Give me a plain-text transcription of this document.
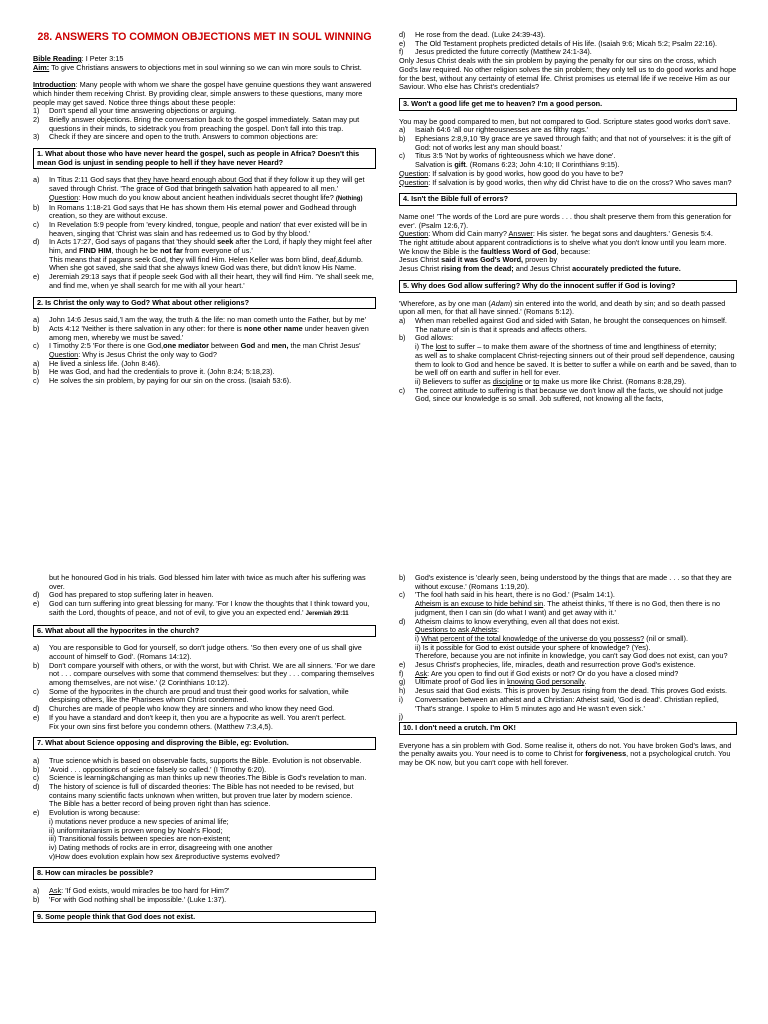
28. ANSWERS TO COMMON OBJECTIONS MET IN SOUL WINNING

Bible Reading: I Peter 3:15

Aim: To give Christians answers to objections met in soul winning so we can win more souls to Christ.

Introduction: Many people with whom we share the gospel have genuine questions they want answered which hinder them receiving Christ. By providing clear, simple answers to these questions, many more people may get saved. Notice three things about these people:

1)	Don't spend all your time answering objections or arguing.
2)	Briefly answer objections. Bring the conversation back to the gospel immediately. Satan may put questions in their minds, to sidetrack you from preaching the gospel. Don't fall into this trap.
3)	Check if they are sincere and open to the truth. Answers to common objections are:
1. What about those who have never heard the gospel, such as people in Africa? Doesn't this mean God is unjust in sending people to hell if they have never Heard?
a)	In Titus 2:11 God says that they have heard enough about God that if they follow it up they will get saved through Christ. 'The grace of God that bringeth salvation hath appeared to all men.'
Question: How much do you know about ancient heathen individuals secret thought life? (Nothing)
b)	In Romans 1:18-21 God says that He has shown them His eternal power and Godhead through creation, so they are without excuse.
c)	In Revelation 5:9 people from 'every kindred, tongue, people and nation' that ever existed will be in heaven, singing that 'Christ was slain and has redeemed us to God by thy blood.'
d)	In Acts 17:27, God says of pagans that 'they should seek after the Lord, if haply they might feel after him, and FIND HIM, though he be not far from everyone of us.'
This means that if pagans seek God, they will find Him. Helen Keller was born blind, deaf,&dumb. When she got saved, she said that she always knew God was there, but didn't know His Name.
e)	Jeremiah 29:13 says that if people seek God with all their heart, they will find Him. 'Ye shall seek me, and find me, when ye shall search for me with all your heart.'
2. Is Christ the only way to God? What about other religions?
a)	John 14:6 Jesus said,'I am the way, the truth & the life: no man cometh unto the Father, but by me'
b)	Acts 4:12 'Neither is there salvation in any other: for there is none other name under heaven given among men, whereby we must be saved.'
c)	I Timothy 2:5 'For there is one God,one mediator between God and men, the man Christ Jesus'

Question: Why is Jesus Christ the only way to God?

a)	He lived a sinless life. (John 8:46).
b)	He was God, and had the credentials to prove it. (John 8:24; 5:18,23).
c)	He solves the sin problem, by paying for our sin on the cross. (Isaiah 53:6).
d)	He rose from the dead. (Luke 24:39-43).
e)	The Old Testament prophets predicted details of His life. (Isaiah 9:6; Micah 5:2; Psalm 22:16).
f)	Jesus predicted the future correctly (Matthew 24:1-34).

Only Jesus Christ deals with the sin problem by paying the penalty for our sins on the cross, which God's law required. No other religion solves the sin problem; they only tell us to do good works and hope for the best, without any certainty of eternal life. Christ promises us eternal life if we receive Him as our Saviour. Who else has Christ's credentials?

3. Won't a good life get me to heaven? I'm a good person.

You may be good compared to men, but not compared to God. Scripture states good works don't save.

a)	Isaiah 64:6 'all our righteousnesses are as filthy rags.'
b)	Ephesians 2:8,9,10 'By grace are ye saved through faith; and that not of yourselves: it is the gift of God: not of works lest any man should boast.'
c)	Titus 3:5 'Not by works of righteousness which we have done'.
Salvation is gift. (Romans 6:23; John 4:10; II Corinthians 9:15).

Question: If salvation is by good works, how good do you have to be?

Question: If salvation is by good works, then why did Christ have to die on the cross? Who saves man?

4. Isn't the Bible full of errors?

Name one! 'The words of the Lord are pure words . . . thou shalt preserve them from this generation for ever'. (Psalm 12:6,7).

Question: Whom did Cain marry? Answer: His sister. 'he begat sons and daughters.' Genesis 5:4.

The right attitude about apparent contradictions is to shelve what you don't know until you learn more.

We know the Bible is the faultless Word of God, because:

Jesus Christ said it was God's Word, proven by

Jesus Christ rising from the dead; and Jesus Christ accurately predicted the future.

5. Why does God allow suffering? Why do the innocent suffer if God is loving?

'Wherefore, as by one man (Adam) sin entered into the world, and death by sin; and so death passed upon all men, for that all have sinned.' (Romans 5:12).

a)	When man rebelled against God and sided with Satan, he brought the consequences on himself. The nature of sin is that it spreads and affects others.
b)	God allows:
i) The lost to suffer – to make them aware of the shortness of time and lengthiness of eternity;
as well as to shake complacent Christ-rejecting sinners out of their proud self dependence, causing them to look to God and hence be saved. It is better to suffer a while on earth and be saved, than to be well off on earth and suffer in hell for ever.
ii) Believers to suffer as discipline or to make us more like Christ. (Romans 8:28,29).
c)	The correct attitude to suffering is that because we don't know all the facts, we should not judge God, since our knowledge is so small. Job suffered, not knowing all the facts,

but he honoured God in his trials. God blessed him later with twice as much after his suffering was over.

d)	God has prepared to stop suffering later in heaven.
e)	God can turn suffering into great blessing for many. 'For I know the thoughts that I think toward you, saith the Lord, thoughts of peace, and not of evil, to give you an expected end.' Jeremiah 29:11
6. What about all the hypocrites in the church?
a)	You are responsible to God for yourself, so don't judge others. 'So then every one of us shall give account of himself to God'. (Romans 14:12).
b)	Don't compare yourself with others, or with the worst, but with Christ. We are all sinners. 'For we dare not . . . compare ourselves with some that commend themselves: but they . . . comparing themselves among themselves, are not wise.' (2 Corinthians 10:12).
c)	Some of the hypocrites in the church are proud and trust their good works for salvation, while despising others, like the Pharisees whom Christ condemned.
d)	Churches are made of people who know they are sinners and who know they need God.
e)	If you have a standard and don't keep it, then you are a hypocrite as well. You aren't perfect.

Fix your own sins first before you condemn others. (Matthew 7:3,4,5).

7. What about Science opposing and disproving the Bible, eg: Evolution.
a)	True science which is based on observable facts, supports the Bible. Evolution is not observable.
b)	'Avoid . . . oppositions of science falsely so called.' (I Timothy 6:20).
c)	Science is learning&changing as man thinks up new theories.The Bible is God's revelation to man.
d)	The history of science is full of discarded theories: The Bible has not needed to be revised, but contains many scientific facts unknown when written, but proven true later by modern science.
The Bible has a better record of being proven right than has science.
e)	Evolution is wrong because:

i) mutations never produce a new species of animal life;

ii) uniformitarianism is proven wrong by Noah's Flood;

iii) Transitional fossils between species are non-existent;

iv) Dating methods of rocks are in error, disagreeing with one another

v)How does evolution explain how sex &reproductive systems evolved?

8. How can miracles be possible?
a)	Ask: 'If God exists, would miracles be too hard for Him?'
b)	'For with God nothing shall be impossible.' (Luke 1:37).
9. Some people think that God does not exist.
b)	God's existence is 'clearly seen, being understood by the things that are made . . . so that they are without excuse.' (Romans 1:19,20).
c)	'The fool hath said in his heart, there is no God.' (Psalm 14:1).
Atheism is an excuse to hide behind sin. The atheist thinks, 'If there is no God, then there is no judgment, then I can sin (do what I want) and get away with it.'
d)	Atheism claims to know everything, even all that does not exist.
Questions to ask Atheists:
i) What percent of the total knowledge of the universe do you possess? (nil or small).
ii) Is it possible for God to exist outside your sphere of knowledge? (Yes).
Therefore, because you are not infinite in knowledge, you can't say God does not exist, can you?
e)	Jesus Christ's prophecies, life, miracles, death and resurrection prove God's existence.
f)	Ask: Are you open to find out if God exists or not? Or do you have a closed mind?
g)	Ultimate proof of God lies in knowing God personally.
h)	Jesus said that God exists. This is proven by Jesus rising from the dead. This proves God exists.
i)	Conversation between an atheist and a Christian: Atheist said, 'God is dead'. Christian replied, 'That's strange. I spoke to Him 5 minutes ago and He wasn't even sick.'

j)

10. I don't need a crutch. I'm OK!

Everyone has a sin problem with God. Some realise it, others do not. You have broken God's laws, and the penalty awaits you. Your need is to come to Christ for forgiveness, not a psychological crutch. You may be OK now, but you can't cope with hell forever.
